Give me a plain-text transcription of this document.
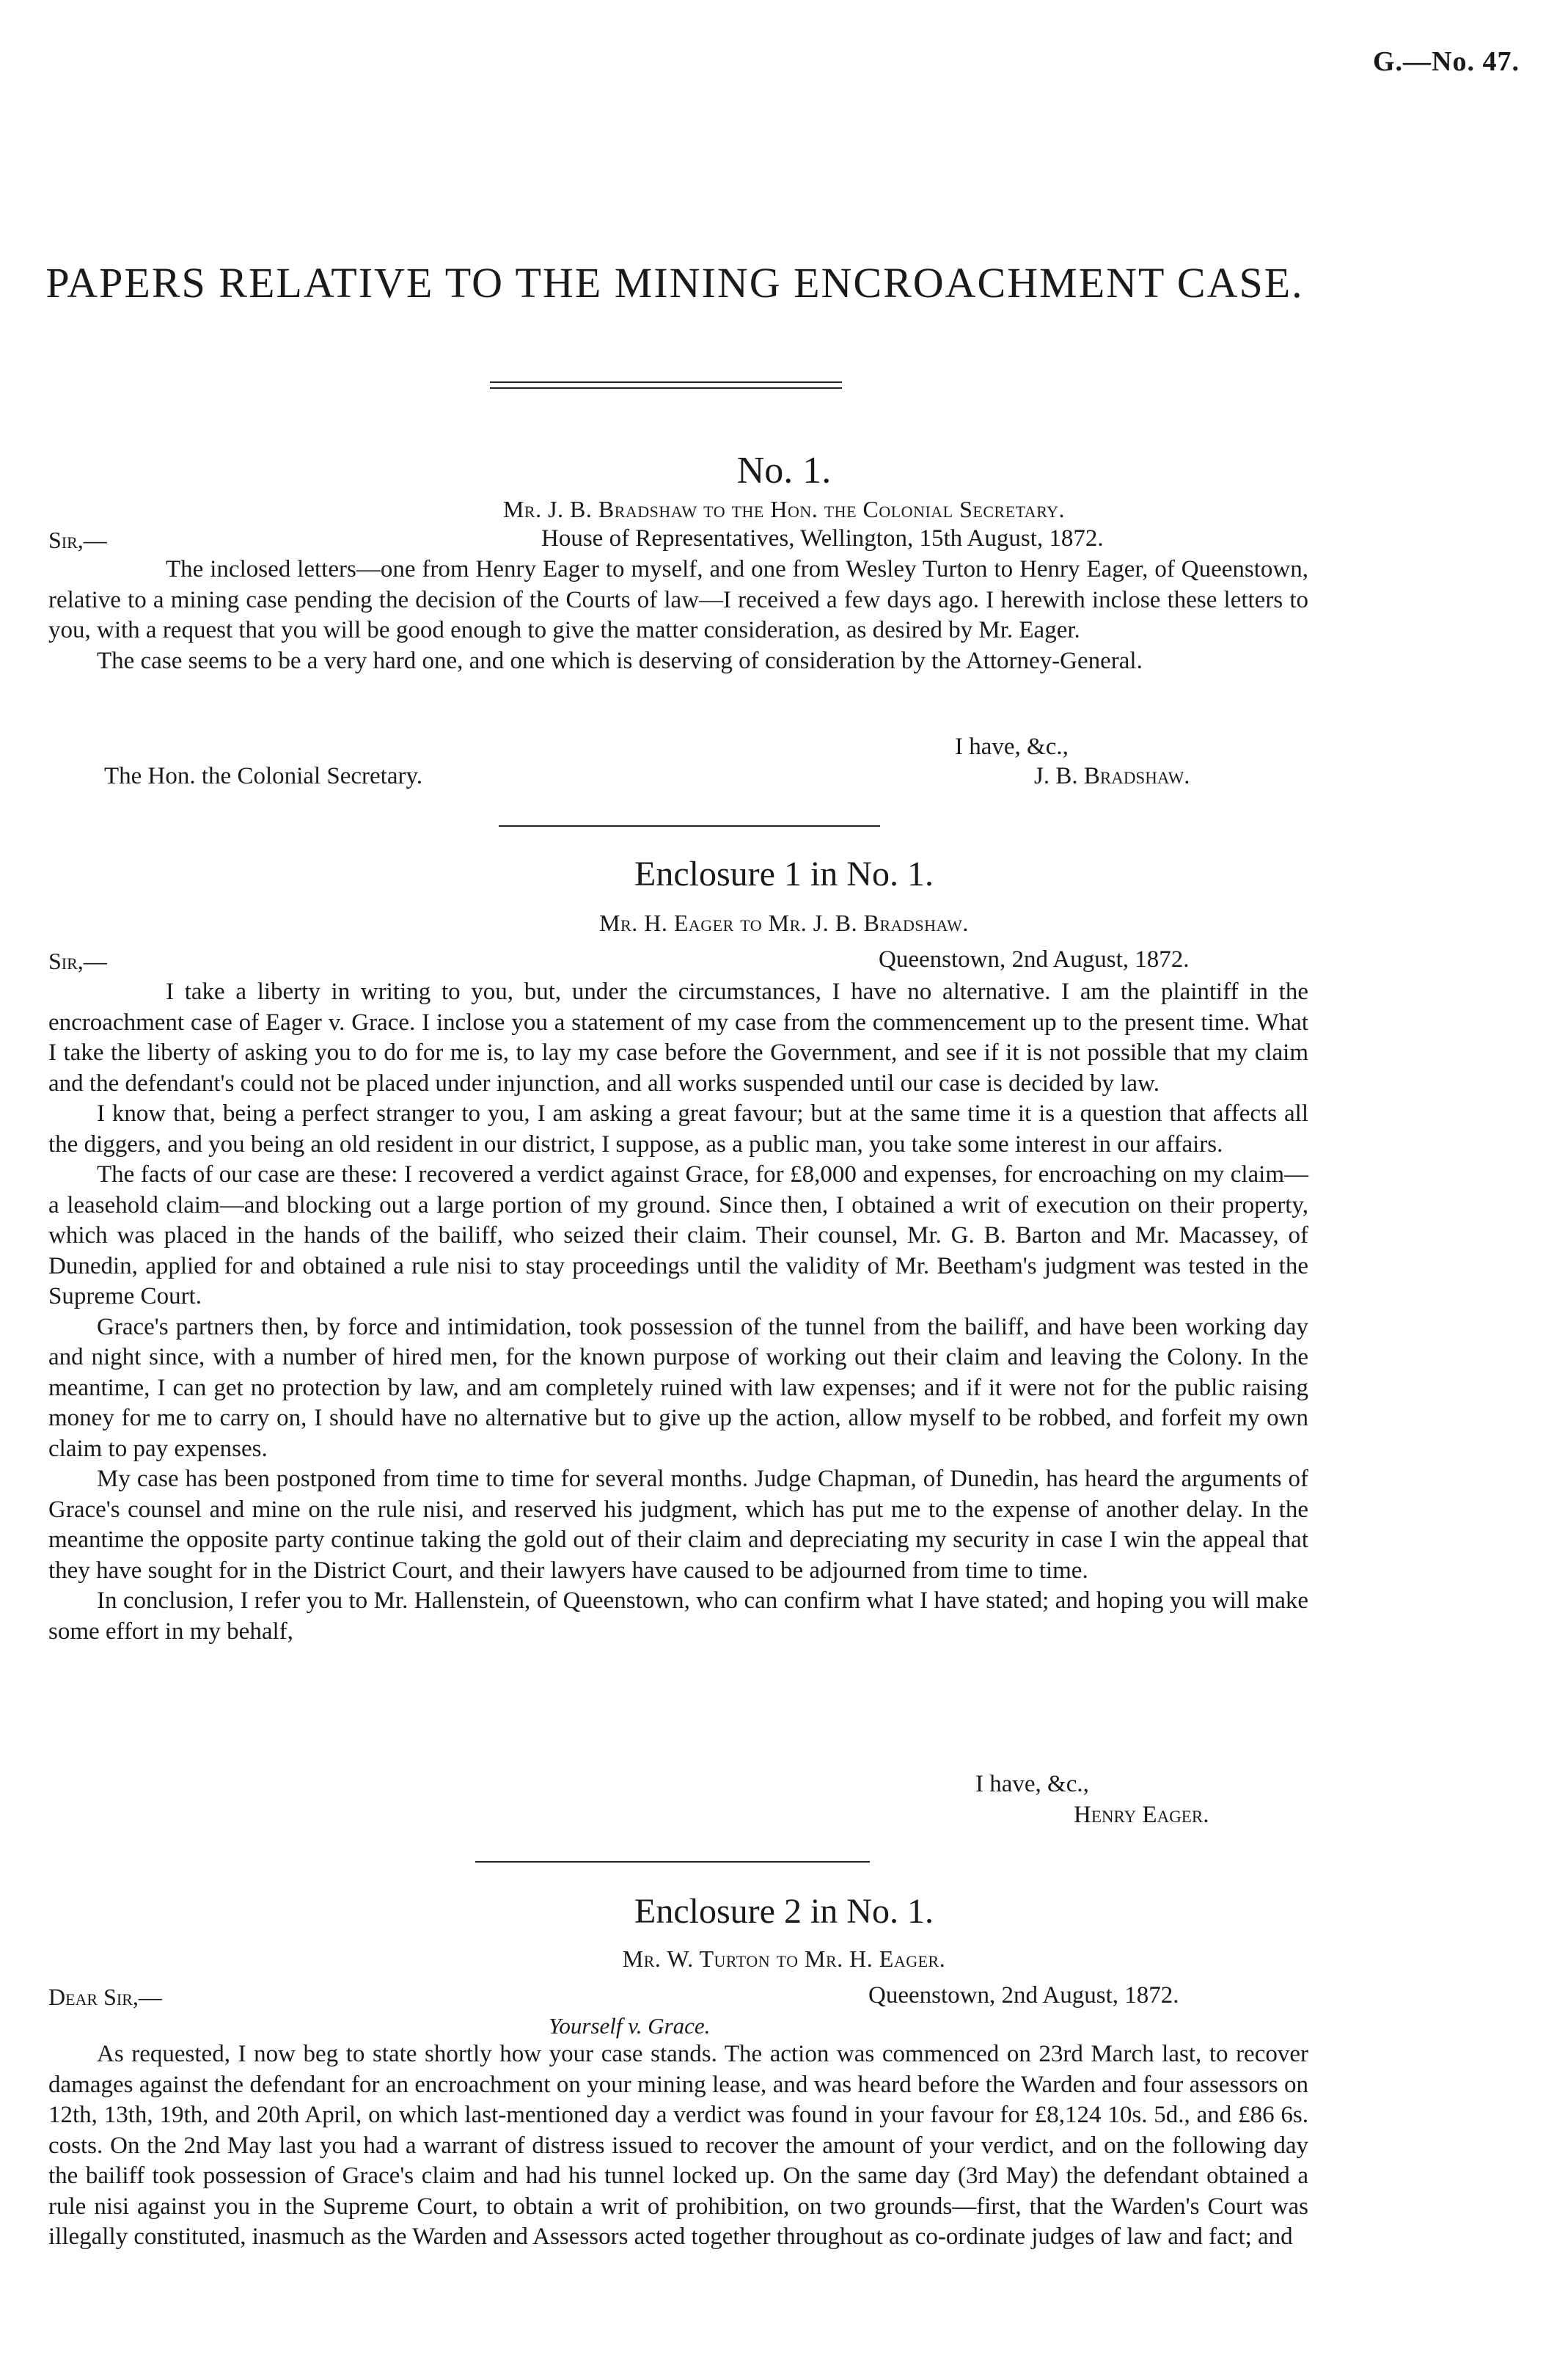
G.—No. 47.
PAPERS RELATIVE TO THE MINING ENCROACHMENT CASE.
No. 1.
Mr. J. B. Bradshaw to the Hon. the Colonial Secretary.
Sir,—	House of Representatives, Wellington, 15th August, 1872.

The inclosed letters—one from Henry Eager to myself, and one from Wesley Turton to Henry Eager, of Queenstown, relative to a mining case pending the decision of the Courts of law—I received a few days ago. I herewith inclose these letters to you, with a request that you will be good enough to give the matter consideration, as desired by Mr. Eager.

The case seems to be a very hard one, and one which is deserving of consideration by the Attorney-General.

I have, &c.,
The Hon. the Colonial Secretary.	J. B. Bradshaw.
Enclosure 1 in No. 1.
Mr. H. Eager to Mr. J. B. Bradshaw.
Sir,—	Queenstown, 2nd August, 1872.

I take a liberty in writing to you, but, under the circumstances, I have no alternative. I am the plaintiff in the encroachment case of Eager v. Grace. I inclose you a statement of my case from the commencement up to the present time. What I take the liberty of asking you to do for me is, to lay my case before the Government, and see if it is not possible that my claim and the defendant's could not be placed under injunction, and all works suspended until our case is decided by law.

I know that, being a perfect stranger to you, I am asking a great favour; but at the same time it is a question that affects all the diggers, and you being an old resident in our district, I suppose, as a public man, you take some interest in our affairs.

The facts of our case are these: I recovered a verdict against Grace, for £8,000 and expenses, for encroaching on my claim—a leasehold claim—and blocking out a large portion of my ground. Since then, I obtained a writ of execution on their property, which was placed in the hands of the bailiff, who seized their claim. Their counsel, Mr. G. B. Barton and Mr. Macassey, of Dunedin, applied for and obtained a rule nisi to stay proceedings until the validity of Mr. Beetham's judgment was tested in the Supreme Court.

Grace's partners then, by force and intimidation, took possession of the tunnel from the bailiff, and have been working day and night since, with a number of hired men, for the known purpose of working out their claim and leaving the Colony. In the meantime, I can get no protection by law, and am completely ruined with law expenses; and if it were not for the public raising money for me to carry on, I should have no alternative but to give up the action, allow myself to be robbed, and forfeit my own claim to pay expenses.

My case has been postponed from time to time for several months. Judge Chapman, of Dunedin, has heard the arguments of Grace's counsel and mine on the rule nisi, and reserved his judgment, which has put me to the expense of another delay. In the meantime the opposite party continue taking the gold out of their claim and depreciating my security in case I win the appeal that they have sought for in the District Court, and their lawyers have caused to be adjourned from time to time.

In conclusion, I refer you to Mr. Hallenstein, of Queenstown, who can confirm what I have stated; and hoping you will make some effort in my behalf,

I have, &c.,
Henry Eager.
Enclosure 2 in No. 1.
Mr. W. Turton to Mr. H. Eager.
Dear Sir,—	Queenstown, 2nd August, 1872.
Yourself v. Grace.

As requested, I now beg to state shortly how your case stands. The action was commenced on 23rd March last, to recover damages against the defendant for an encroachment on your mining lease, and was heard before the Warden and four assessors on 12th, 13th, 19th, and 20th April, on which last-mentioned day a verdict was found in your favour for £8,124 10s. 5d., and £86 6s. costs. On the 2nd May last you had a warrant of distress issued to recover the amount of your verdict, and on the following day the bailiff took possession of Grace's claim and had his tunnel locked up. On the same day (3rd May) the defendant obtained a rule nisi against you in the Supreme Court, to obtain a writ of prohibition, on two grounds—first, that the Warden's Court was illegally constituted, inasmuch as the Warden and Assessors acted together throughout as co-ordinate judges of law and fact; and
